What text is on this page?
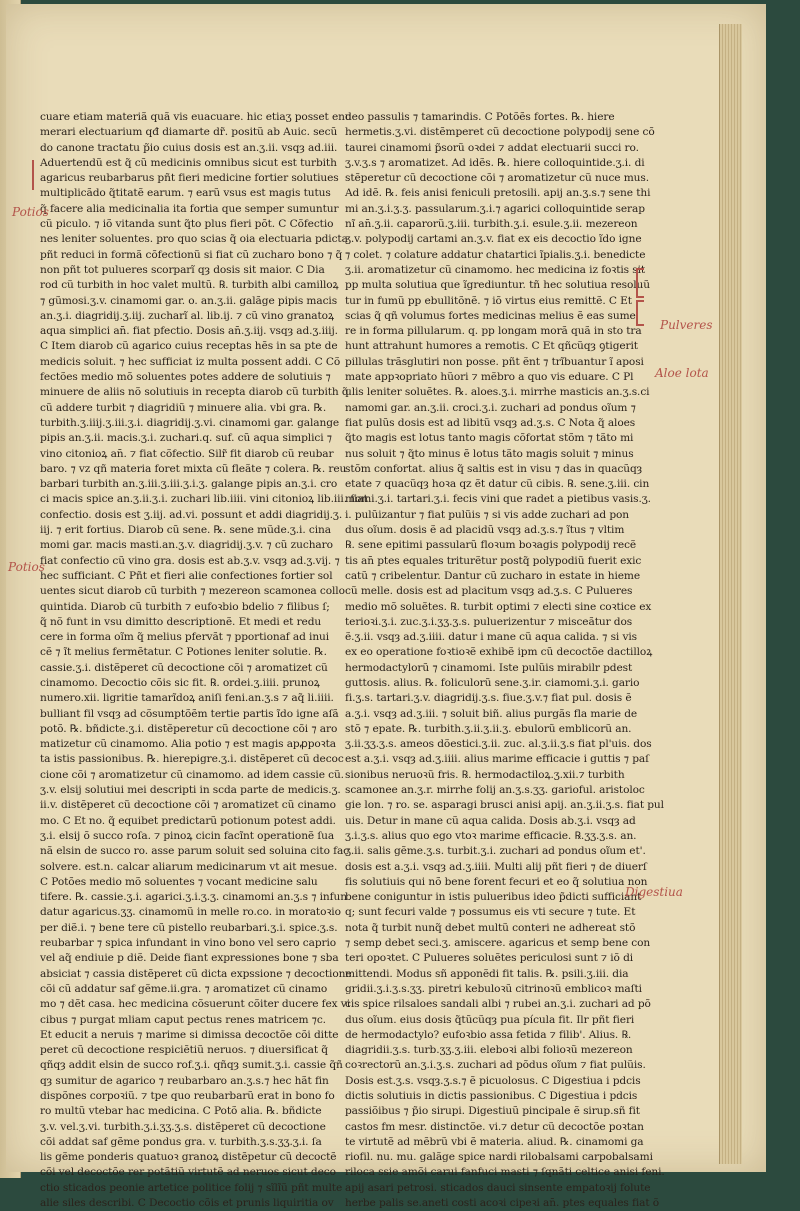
cuare etiam materiã quã vis euacuare. hic etiaʒ posset enu
merari electuarium qđ diamarte dr̃. positũ ab Auic. secũ
do canone tractatu p̃io cuius dosis est an.ʒ.ii. vsqȝ ad.iii.
Aduertendũ est q̃ cũ medicinis omnibus sicut est turbith
agaricus reubarbarus pñt fieri medicine fortier solutiues
multiplicãdo q̃titatẽ earum. ⁊ earũ vsus est magis tutus
q̃ facere alia medicinalia ita fortia que semper sumuntur
cũ piculo. ⁊ iõ vitanda sunt q̃to plus fieri põt. C Cõfectio
nes leniter soluentes. pro quo scias q̃ oia electuaria pdicta
pñt reduci in formã cõfectionũ si fiat cũ zucharo bono ⁊ q̃
non pñt tot pulueres scorparĩ qȝ dosis sit maior. C Dia
rod cũ turbith in hoc valet multũ. ℞. turbith albi camilloꝝ
⁊ gũmosi.ʒ.v. cinamomi gar. o. an.ʒ.ii. galãge pipis macis
an.ʒ.i. diagridij.ʒ.iij. zucharĩ al. lib.ij. ⁊ cũ vino granatoꝝ
aqua simplici an̄. fiat pfectio. Dosis an̄.ʒ.iij. vsqȝ ad.ʒ.iiij.
C Item diarob cũ agarico cuius receptas hẽs in sa pte de
medicis soluit. ⁊ hec sufficiat iz multa possent addi. C Cõ
fectões medio mõ soluentes potes addere de solutiuis ⁊
minuere de aliis nõ solutiuis in recepta diarob cũ turbith q̃
cũ addere turbit ⁊ diagridiũ ⁊ minuere alia. vbi gra. ℞.
turbith.ʒ.iiij.ʒ.iii.ʒ.i. diagridij.ʒ.vi. cinamomi gar. galange
pipis an.ʒ.ii. macis.ʒ.i. zuchari.q. suf. cũ aqua simplici ⁊
vino citonioꝝ an̄. ⁊ fiat cõfectio. Silr̃ fit diarob cũ reubar
baro. ⁊ vz qñ materia foret mixta cũ fleãte ⁊ colera. ℞. reu
barbari turbith an.ʒ.iii.ʒ.iii.ʒ.i.ʒ. galange pipis an.ʒ.i. cro
ci macis spice an.ʒ.ii.ʒ.i. zuchari lib.iiii. vini citonioꝝ lib.iii. fiat
confectio. dosis est ʒ.iij. ad.vi. possunt et addi diagridij.ʒ.
iij. ⁊ erit fortius. Diarob cũ sene. ℞. sene mũde.ʒ.i. cina
momi gar. macis masti.an.ʒ.v. diagridij.ʒ.v. ⁊ cũ zucharo
fiat confectio cũ vino gra. dosis est ab.ʒ.v. vsqȝ ad.ʒ.vij. ⁊
hec sufficiant. C Pñt et fieri alie confectiones fortier sol
uentes sicut diarob cũ turbith ⁊ mezereon scamonea collo
quintida. Diarob cũ turbith ⁊ eufoꝛbio bdelio ⁊ filibus ſ;
q̃ nõ funt in vsu dimitto descriptionẽ. Et medi et redu
cere in forma oĩm q̃ melius pfervãt ⁊ pportionaf ad inui
cẽ ⁊ ĩt melius fermẽtatur. C Potiones leniter solutie. ℞.
cassie.ʒ.i. distẽperet cũ decoctione cõi ⁊ aromatizet cũ
cinamomo. Decoctio cõis sic fit. ℞. ordei.ʒ.iiii. prunoꝝ
numero.xii. ligritie tamarĩdoꝝ aniſi feni.an.ʒ.s ⁊ aq̃ li.iiii.
bulliant fil vsqȝ ad cõsumptõẽm tertie partis ĩdo igne aſã
potõ. ℞. bñdicte.ʒ.i. distẽperetur cũ decoctione cõi ⁊ aro
matizetur cũ cinamomo. Alia potio ⁊ est magis apꝓpoꝛta
ta istis passionibus. ℞. hierepigre.ʒ.i. distẽperet cũ decoc
cione cõi ⁊ aromatizetur cũ cinamomo. ad idem cassie cũ.
ʒ.v. elsij solutiui mei descripti in scda parte de medicis.ʒ.
ii.v. distẽperet cũ decoctione cõi ⁊ aromatizet cũ cinamo
mo. C Et no. q̃ equibet predictarũ potionum potest addi.
ʒ.i. elsij õ succo roſa. ⁊ pinoꝝ cicin facĩnt operationẽ ſua
nã elsin de succo ro. asse parum soluit sed soluina cito fac
solvere. est.n. calcar aliarum medicinarum vt ait mesue.
C Potões medio mõ soluentes ⁊ vocant medicine salu
tifere. ℞. cassie.ʒ.i. agarici.ʒ.i.ʒ.ʒ. cinamomi an.ʒ.s ⁊ infun
datur agaricus.ʒʒ. cinamomũ in melle ro.co. in moratoꝛio
per diẽ.i. ⁊ bene tere cũ pistello reubarbari.ʒ.i. spice.ʒ.s.
reubarbar ⁊ spica infundant in vino bono vel sero caprio
vel aq̃ endiuie p diẽ. Deide fiant expressiones bone ⁊ sba
absiciat ⁊ cassia distẽperet cũ dicta expssione ⁊ decoctione
cõi cũ addatur saf gẽme.ii.gra. ⁊ aromatizet cũ cinamo
mo ⁊ dẽt casa. hec medicina cõsuerunt cõiter ducere fex vi
cibus ⁊ purgat mliam caput pectus renes matricem ⁊c.
Et educit a neruis ⁊ marime si dimissa decoctõe cõi ditte
peret cũ decoctione respiciẽtiũ neruos. ⁊ diuersificat q̃
qñqȝ addit elsin de succo rof.ʒ.i. qñqȝ sumit.ʒ.i. cassie q̃ñ
qȝ sumitur de agarico ⁊ reubarbaro an.ʒ.s.⁊ hec hãt fin
dispõnes corpoꝛiũ. ⁊ tpe quo reubarbarũ erat in bono fo
ro multũ vtebar hac medicina. C Potõ alia. ℞. bñdicte
ʒ.v. vel.ʒ.vi. turbith.ʒ.i.ʒʒ.ʒ.s. distẽperet cũ decoctione
cõi addat saf gẽme pondus gra. v. turbith.ʒ.s.ʒʒ.ʒ.i. ſa
lis gẽme ponderis quatuoꝛ granoꝝ distẽpetur cũ decoctẽ
cõi vel decoctõe rer potãtiũ virtutẽ ad neruos sicut deco
ctio sticados peonie artetice politice folij ⁊ sĩlĩũ pñt multe
alie siles describi. C Decoctio cõis et prunis liquiritia ov
deo passulis ⁊ tamarindis. C Potõẽs fortes. ℞. hiere
hermetis.ʒ.vi. distẽmperet cũ decoctione polypodij sene cõ
taurei cinamomi p̃sorũ oꝛdei ⁊ addat electuarii succi ro.
ʒ.v.ʒ.s ⁊ aromatizet. Ad idẽs. ℞. hiere colloquintide.ʒ.i. di
stẽperetur cũ decoctione cõi ⁊ aromatizetur cũ nuce mus.
Ad idẽ. ℞. feis anisi feniculi pretosili. apij an.ʒ.s.⁊ sene thi
mi an.ʒ.i.ʒ.ʒ. passularum.ʒ.i.⁊ agarici colloquintide serap
nĩ an̄.ʒ.ii. caparorũ.ʒ.iii. turbith.ʒ.i. esule.ʒ.ii. mezereon
ʒ.v. polypodij cartami an.ʒ.v. fiat ex eis decoctio ĩdo igne
⁊ colet. ⁊ colature addatur chatartici ĩpialis.ʒ.i. benedicte
ʒ.ii. aromatizetur cũ cinamomo. hec medicina iz foꝛtis sit
pp multa solutiua que ĩgrediuntur. tñ hec solutiua resoluũ
tur in fumũ pp ebullitõnẽ. ⁊ iõ virtus eius remittẽ. C Et
scias q̃ qñ volumus fortes medicinas melius ẽ eas sume
re in forma pillularum. q. pp longam morã quã in sto tra
hunt attrahunt humores a remotis. C Et qñcũqȝ ꝯtigerit
pillulas trãsglutiri non posse. pñt ẽnt ⁊ trĩbuantur ĩ aposi
mate appꝛopriato hũori ⁊ mẽbro a quo vis eduare. C Pl
ulis leniter soluẽtes. ℞. aloes.ʒ.i. mirrhe masticis an.ʒ.s.ci
namomi gar. an.ʒ.ii. croci.ʒ.i. zuchari ad pondus oĩum ⁊
fiat pulũs dosis est ad libitũ vsqȝ ad.ʒ.s. C Nota q̃ aloes
q̃to magis est lotus tanto magis cõfortat stõm ⁊ tãto mi
nus soluit ⁊ q̃to minus ẽ lotus tãto magis soluit ⁊ minus
stõm confortat. alius q̃ saltis est in visu ⁊ das in quacũqȝ
etate ⁊ quacũqȝ hoꝛa qz ẽt datur cũ cibis. ℞. sene.ʒ.iii. cin
momi.ʒ.i. tartari.ʒ.i. fecis vini que radet a pietibus vasis.ʒ.
i. pulũizantur ⁊ fiat pulũis ⁊ si vis adde zuchari ad pon
dus oĩum. dosis ẽ ad placidũ vsqȝ ad.ʒ.s.⁊ ĩtus ⁊ vltim
℞. sene epitimi passularũ floꝛum boꝛagis polypodij recẽ
tis an̄ ptes equales triturẽtur postq̃ polypodiũ fuerit exic
catũ ⁊ cribelentur. Dantur cũ zucharo in estate in hieme
cũ melle. dosis est ad placitum vsqȝ ad.ʒ.s. C Pulueres
medio mõ soluẽtes. ℞. turbit optimi ⁊ electi sine coꝛtice ex
terioꝛi.ʒ.i. zuc.ʒ.i.ʒʒ.ʒ.s. puluerizentur ⁊ misceãtur dos
ẽ.ʒ.ii. vsqȝ ad.ʒ.iiii. datur i mane cũ aqua calida. ⁊ si vis
ex eo operatione foꝛtioꝛẽ exhibẽ ipm cũ decoctõe dactilloꝝ
hermodactylorũ ⁊ cinamomi. Iste pulũis mirabilr pdest
guttosis. alius. ℞. foliculorũ sene.ʒ.ir. ciamomi.ʒ.i. gario
fi.ʒ.s. tartari.ʒ.v. diagridij.ʒ.s. fiue.ʒ.v.⁊ fiat pul. dosis ẽ
a.ʒ.i. vsqȝ ad.ʒ.iii. ⁊ soluit biñ. alius purgãs fla marie de
stõ ⁊ epate. ℞. turbith.ʒ.ii.ʒ.ii.ʒ. ebulorũ emblicorũ an.
ʒ.ii.ʒʒ.ʒ.s. ameos dõestici.ʒ.ii. zuc. al.ʒ.ii.ʒ.s fiat pl'uis. dos
est a.ʒ.i. vsqȝ ad.ʒ.iiii. alius marime efficacie i guttis ⁊ paſ
sionibus neruoꝛũ fris. ℞. hermodactiloꝝ.ʒ.xii.⁊ turbith
scamonee an.ʒ.r. mirrhe folij an.ʒ.s.ʒʒ. garioful. aristoloc
gie lon. ⁊ ro. se. asparagi brusci anisi apij. an.ʒ.ii.ʒ.s. fiat pul
uis. Detur in mane cũ aqua calida. Dosis ab.ʒ.i. vsqȝ ad
ʒ.i.ʒ.s. alius quo ego vtoꝛ marime efficacie. ℞.ʒʒ.ʒ.s. an.
ʒ.ii. salis gẽme.ʒ.s. turbit.ʒ.i. zuchari ad pondus oĩum et'.
dosis est a.ʒ.i. vsqȝ ad.ʒ.iiii. Multi alij pñt fieri ⁊ de diuerſ
fis solutiuis qui nõ bene forent fecuri et eo q̃ solutiua non
bene coniguntur in istis pulueribus ideo p̃dicti sufficiant
q; sunt fecuri valde ⁊ possumus eis vti secure ⁊ tute. Et
nota q̃ turbit nunq̃ debet multũ conteri ne adhereat stõ
⁊ semp debet seci.ʒ. amiscere. agaricus et semp bene con
teri opoꝛtet. C Pulueres soluẽtes periculosi sunt ⁊ iõ di
mittendi. Modus sñ apponẽdi fit talis. ℞. psili.ʒ.iii. dia
gridii.ʒ.i.ʒ.s.ʒʒ. piretri kebuloꝛũ citrinoꝛũ emblicoꝛ maſti
cis spice rilsaloes sandali albi ⁊ rubei an.ʒ.i. zuchari ad põ
dus oĩum. eius dosis q̃tũcũqȝ pua pícula fit. Ilr pñt fieri
de hermodactylo? eufoꝛbio assa fetida ⁊ filib'. Alius. ℞.
diagridii.ʒ.s. turb.ʒʒ.ʒ.iii. eleboꝛi albi folioꝛũ mezereon
coꝛrectorũ an.ʒ.i.ʒ.s. zuchari ad põdus oĩum ⁊ fiat pulũis.
Dosis est.ʒ.s. vsqȝ.ʒ.s.⁊ ẽ picuolosus. C Digestiua i pdcis
dictis solutiuis in dictis passionibus. C Digestiua i pdcis
passiõibus ⁊ p̃io sirupi. Digestiuũ pincipale ẽ sirup.sñ fit
castos fm mesr. distinctõe. vi.⁊ detur cũ decoctõe poꝛtan
te virtutẽ ad mẽbrũ vbi ẽ materia. aliud. ℞. cinamomi ga
riofil. nu. mu. galãge spice nardi rilobalsami carpobalsami
riloca ssie amõi carui fanfuci masti ⁊ ſqnãti celtice anisi feni.
apij asari petrosi. sticados dauci sinsente empatoꝛij folute
herbe palis se.aneti costi acoꝛi cipeꝛi an̄. ptes equales fiat õ
Potios
Potios
Pulveres
Aloe lota
Digestiua
